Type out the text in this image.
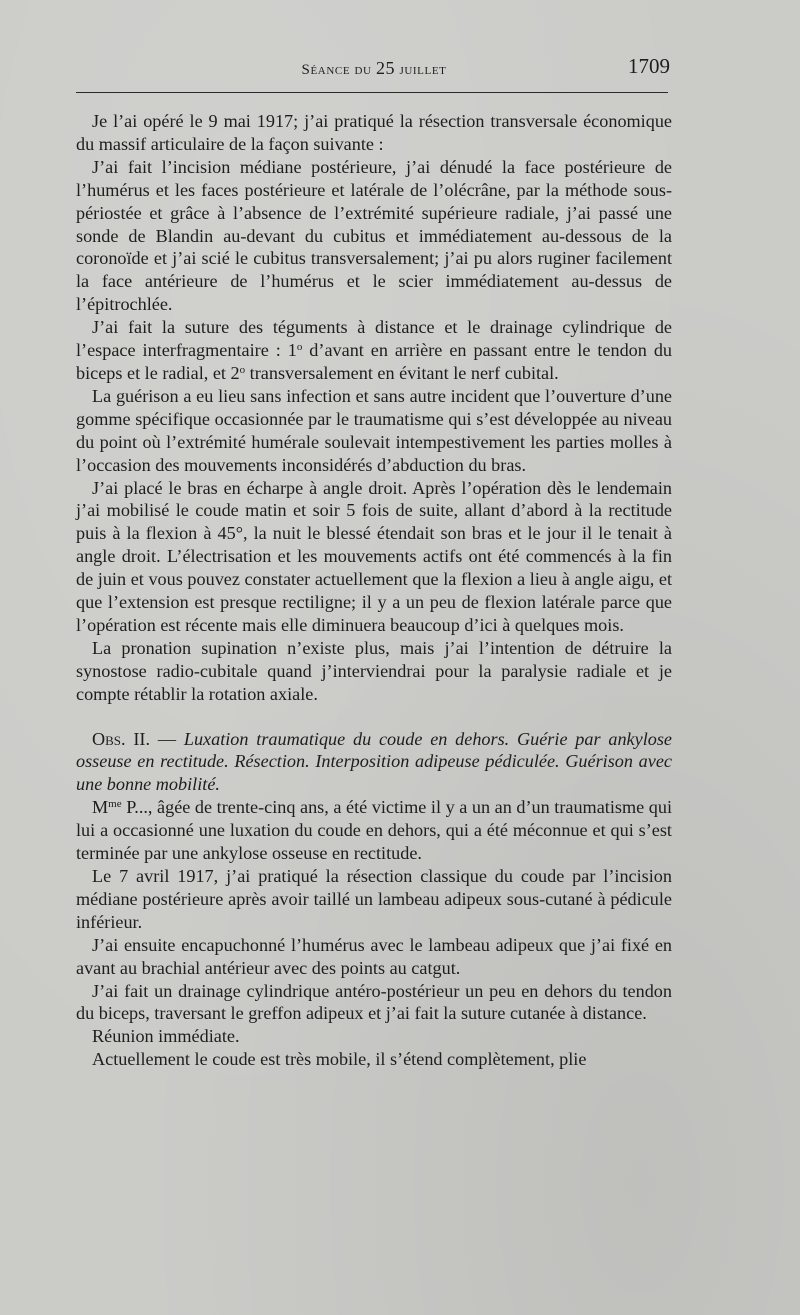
Séance du 25 juillet	1709

Je l’ai opéré le 9 mai 1917; j’ai pratiqué la résection transversale économique du massif articulaire de la façon suivante :

J’ai fait l’incision médiane postérieure, j’ai dénudé la face postérieure de l’humérus et les faces postérieure et latérale de l’olécrâne, par la méthode sous-périostée et grâce à l’absence de l’extrémité supérieure radiale, j’ai passé une sonde de Blandin au-devant du cubitus et immédiatement au-dessous de la coronoïde et j’ai scié le cubitus transversalement; j’ai pu alors ruginer facilement la face antérieure de l’humérus et le scier immédiatement au-dessus de l’épitrochlée.

J’ai fait la suture des téguments à distance et le drainage cylindrique de l’espace interfragmentaire : 1$^o$ d’avant en arrière en passant entre le tendon du biceps et le radial, et 2$^o$ transversalement en évitant le nerf cubital.

La guérison a eu lieu sans infection et sans autre incident que l’ouverture d’une gomme spécifique occasionnée par le traumatisme qui s’est développée au niveau du point où l’extrémité humérale soulevait intempestivement les parties molles à l’occasion des mouvements inconsidérés d’abduction du bras.

J’ai placé le bras en écharpe à angle droit. Après l’opération dès le lendemain j’ai mobilisé le coude matin et soir 5 fois de suite, allant d’abord à la rectitude puis à la flexion à 45°, la nuit le blessé étendait son bras et le jour il le tenait à angle droit. L’électrisation et les mouvements actifs ont été commencés à la fin de juin et vous pouvez constater actuellement que la flexion a lieu à angle aigu, et que l’extension est presque rectiligne; il y a un peu de flexion latérale parce que l’opération est récente mais elle diminuera beaucoup d’ici à quelques mois.

La pronation supination n’existe plus, mais j’ai l’intention de détruire la synostose radio-cubitale quand j’interviendrai pour la paralysie radiale et je compte rétablir la rotation axiale.

Obs. II. — Luxation traumatique du coude en dehors. Guérie par ankylose osseuse en rectitude. Résection. Interposition adipeuse pédiculée. Guérison avec une bonne mobilité.

$M^{me}$ P..., âgée de trente-cinq ans, a été victime il y a un an d’un traumatisme qui lui a occasionné une luxation du coude en dehors, qui a été méconnue et qui s’est terminée par une ankylose osseuse en rectitude.

Le 7 avril 1917, j’ai pratiqué la résection classique du coude par l’incision médiane postérieure après avoir taillé un lambeau adipeux sous-cutané à pédicule inférieur.

J’ai ensuite encapuchonné l’humérus avec le lambeau adipeux que j’ai fixé en avant au brachial antérieur avec des points au catgut.

J’ai fait un drainage cylindrique antéro-postérieur un peu en dehors du tendon du biceps, traversant le greffon adipeux et j’ai fait la suture cutanée à distance.

Réunion immédiate.

Actuellement le coude est très mobile, il s’étend complètement, plie
